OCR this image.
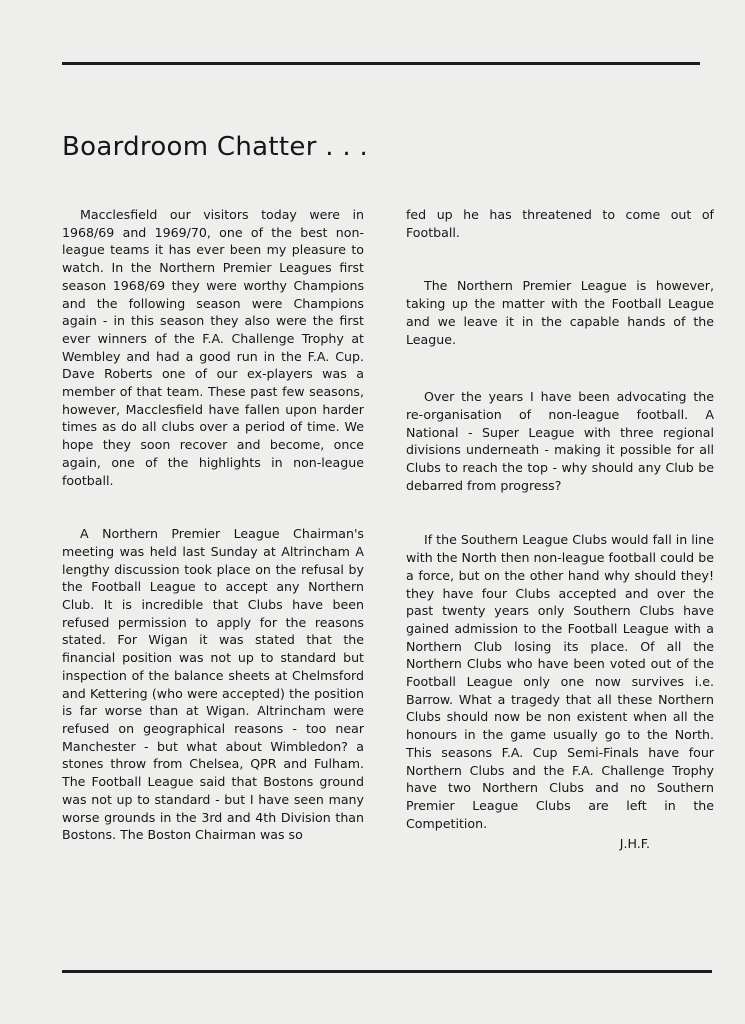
Boardroom Chatter . . .

Macclesfield our visitors today were in 1968/69 and 1969/70, one of the best non-league teams it has ever been my pleasure to watch. In the Northern Premier Leagues first season 1968/69 they were worthy Champions and the following season were Champions again - in this season they also were the first ever winners of the F.A. Challenge Trophy at Wembley and had a good run in the F.A. Cup. Dave Roberts one of our ex-players was a member of that team. These past few seasons, however, Macclesfield have fallen upon harder times as do all clubs over a period of time. We hope they soon recover and become, once again, one of the highlights in non-league football.

A Northern Premier League Chairman's meeting was held last Sunday at Altrincham A lengthy discussion took place on the refusal by the Football League to accept any Northern Club. It is incredible that Clubs have been refused permission to apply for the reasons stated. For Wigan it was stated that the financial position was not up to standard but inspection of the balance sheets at Chelmsford and Kettering (who were accepted) the position is far worse than at Wigan. Altrincham were refused on geographical reasons - too near Manchester - but what about Wimbledon? a stones throw from Chelsea, QPR and Fulham. The Football League said that Bostons ground was not up to standard - but I have seen many worse grounds in the 3rd and 4th Division than Bostons. The Boston Chairman was so

fed up he has threatened to come out of Football.

The Northern Premier League is however, taking up the matter with the Football League and we leave it in the capable hands of the League.

Over the years I have been advocating the re-organisation of non-league football. A National - Super League with three regional divisions underneath - making it possible for all Clubs to reach the top - why should any Club be debarred from progress?

If the Southern League Clubs would fall in line with the North then non-league football could be a force, but on the other hand why should they! they have four Clubs accepted and over the past twenty years only Southern Clubs have gained admission to the Football League with a Northern Club losing its place. Of all the Northern Clubs who have been voted out of the Football League only one now survives i.e. Barrow. What a tragedy that all these Northern Clubs should now be non existent when all the honours in the game usually go to the North. This seasons F.A. Cup Semi-Finals have four Northern Clubs and the F.A. Challenge Trophy have two Northern Clubs and no Southern Premier League Clubs are left in the Competition.

J.H.F.
